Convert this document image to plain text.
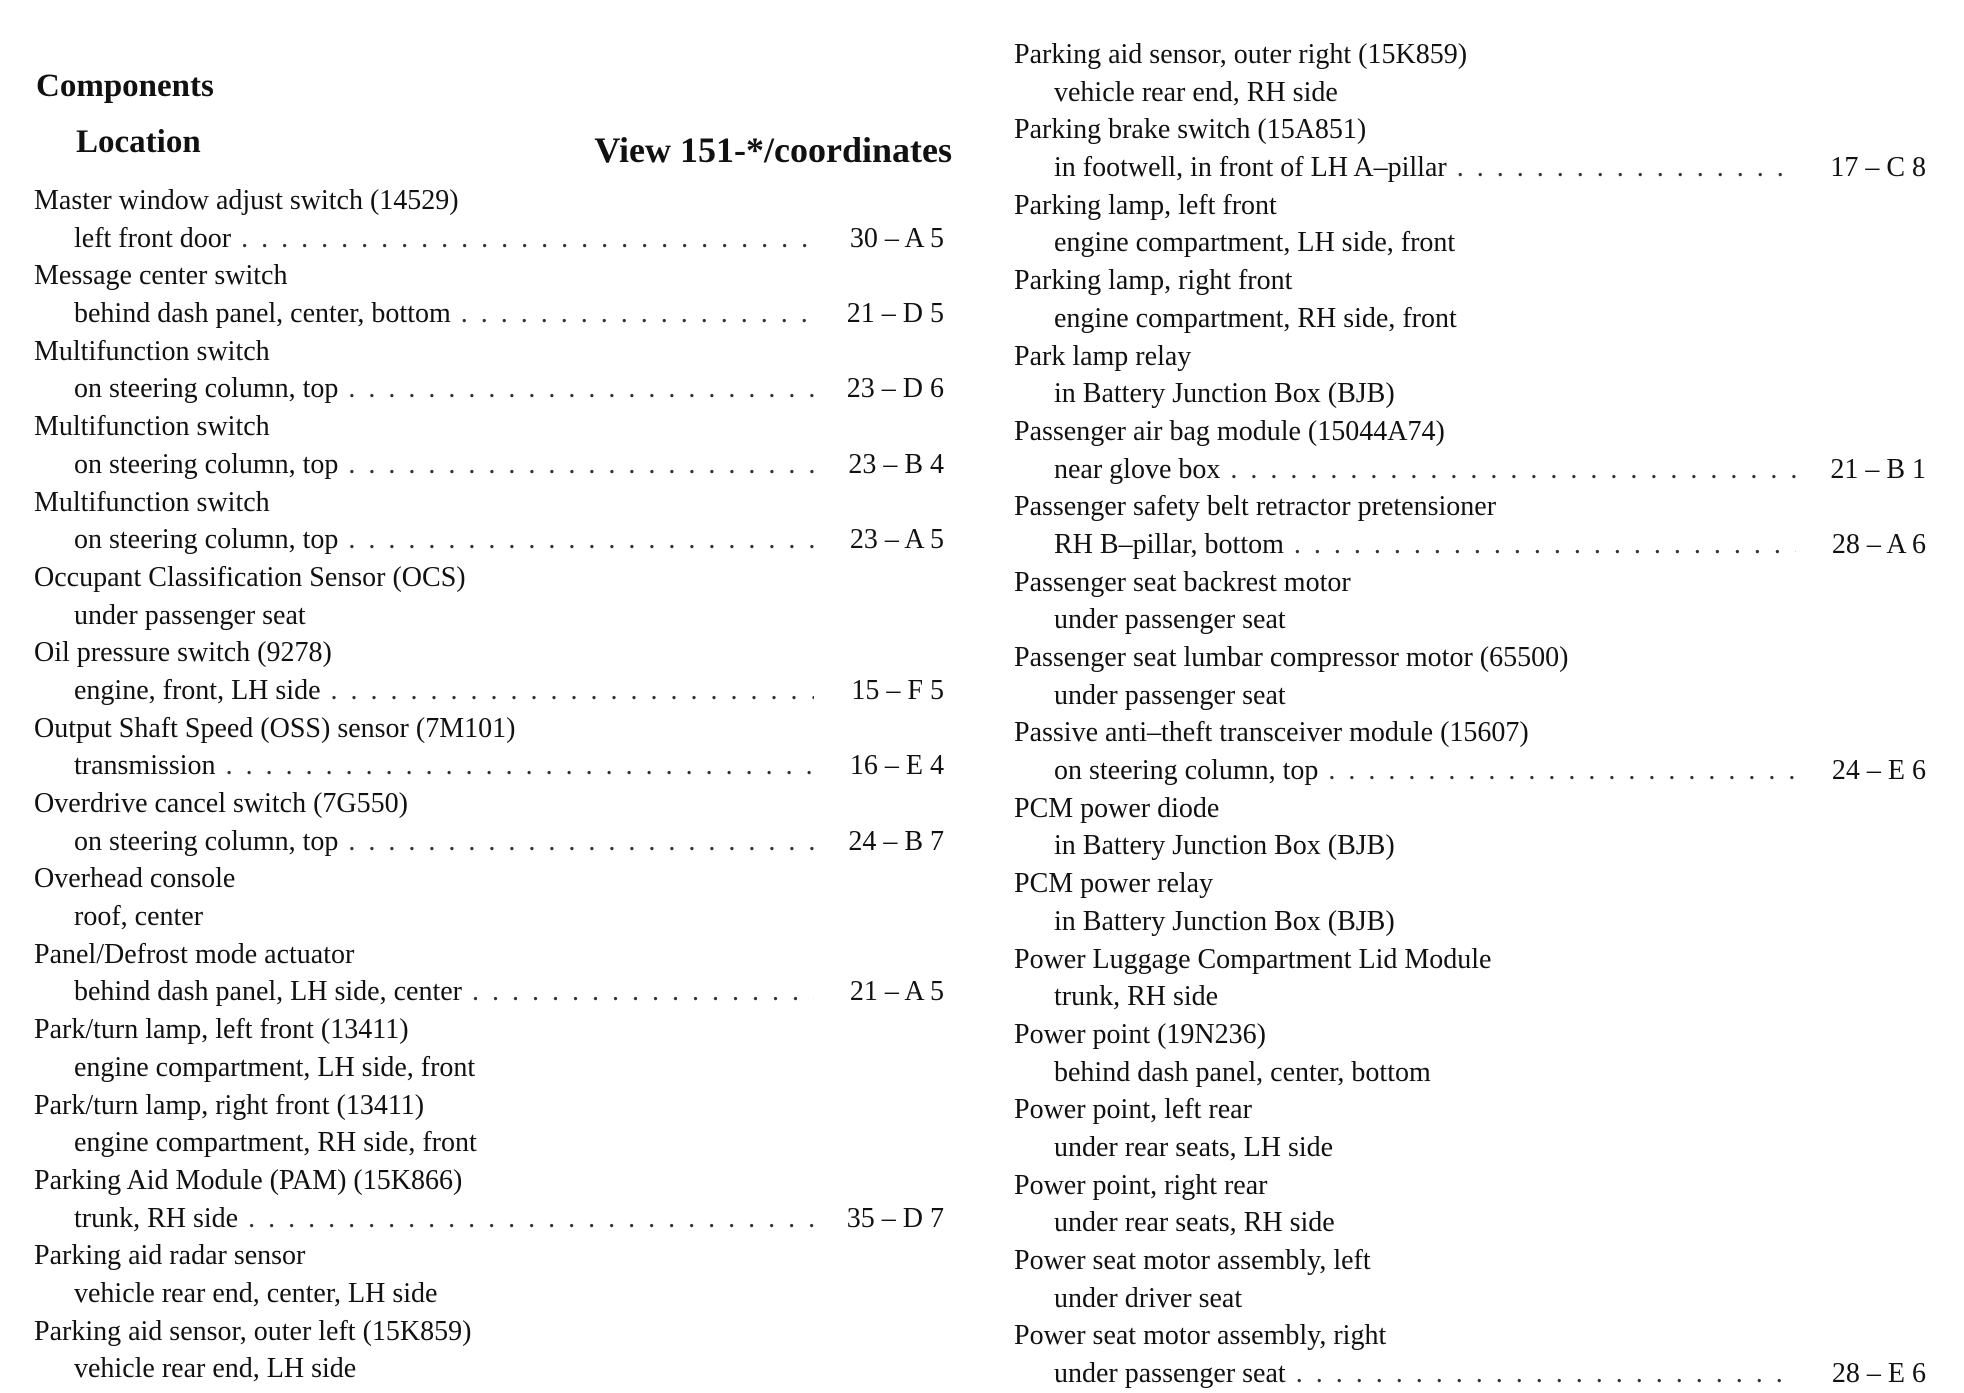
Components
Location	View 151-*/coordinates
Master window adjust switch (14529)
left front door . . .	30 – A 5
Message center switch
behind dash panel, center, bottom . . .	21 – D 5
Multifunction switch
on steering column, top . . .	23 – D 6
Multifunction switch
on steering column, top . . .	23 – B 4
Multifunction switch
on steering column, top . . .	23 – A 5
Occupant Classification Sensor (OCS)
under passenger seat
Oil pressure switch (9278)
engine, front, LH side . . .	15 – F 5
Output Shaft Speed (OSS) sensor (7M101)
transmission . . .	16 – E 4
Overdrive cancel switch (7G550)
on steering column, top . . .	24 – B 7
Overhead console
roof, center
Panel/Defrost mode actuator
behind dash panel, LH side, center . . .	21 – A 5
Park/turn lamp, left front (13411)
engine compartment, LH side, front
Park/turn lamp, right front (13411)
engine compartment, RH side, front
Parking Aid Module (PAM) (15K866)
trunk, RH side . . .	35 – D 7
Parking aid radar sensor
vehicle rear end, center, LH side
Parking aid sensor, outer left (15K859)
vehicle rear end, LH side
Parking aid sensor, outer right (15K859)
vehicle rear end, RH side
Parking brake switch (15A851)
in footwell, in front of LH A–pillar . . .	17 – C 8
Parking lamp, left front
engine compartment, LH side, front
Parking lamp, right front
engine compartment, RH side, front
Park lamp relay
in Battery Junction Box (BJB)
Passenger air bag module (15044A74)
near glove box . . .	21 – B 1
Passenger safety belt retractor pretensioner
RH B–pillar, bottom . . .	28 – A 6
Passenger seat backrest motor
under passenger seat
Passenger seat lumbar compressor motor (65500)
under passenger seat
Passive anti–theft transceiver module (15607)
on steering column, top . . .	24 – E 6
PCM power diode
in Battery Junction Box (BJB)
PCM power relay
in Battery Junction Box (BJB)
Power Luggage Compartment Lid Module
trunk, RH side
Power point (19N236)
behind dash panel, center, bottom
Power point, left rear
under rear seats, LH side
Power point, right rear
under rear seats, RH side
Power seat motor assembly, left
under driver seat
Power seat motor assembly, right
under passenger seat . . .	28 – E 6
